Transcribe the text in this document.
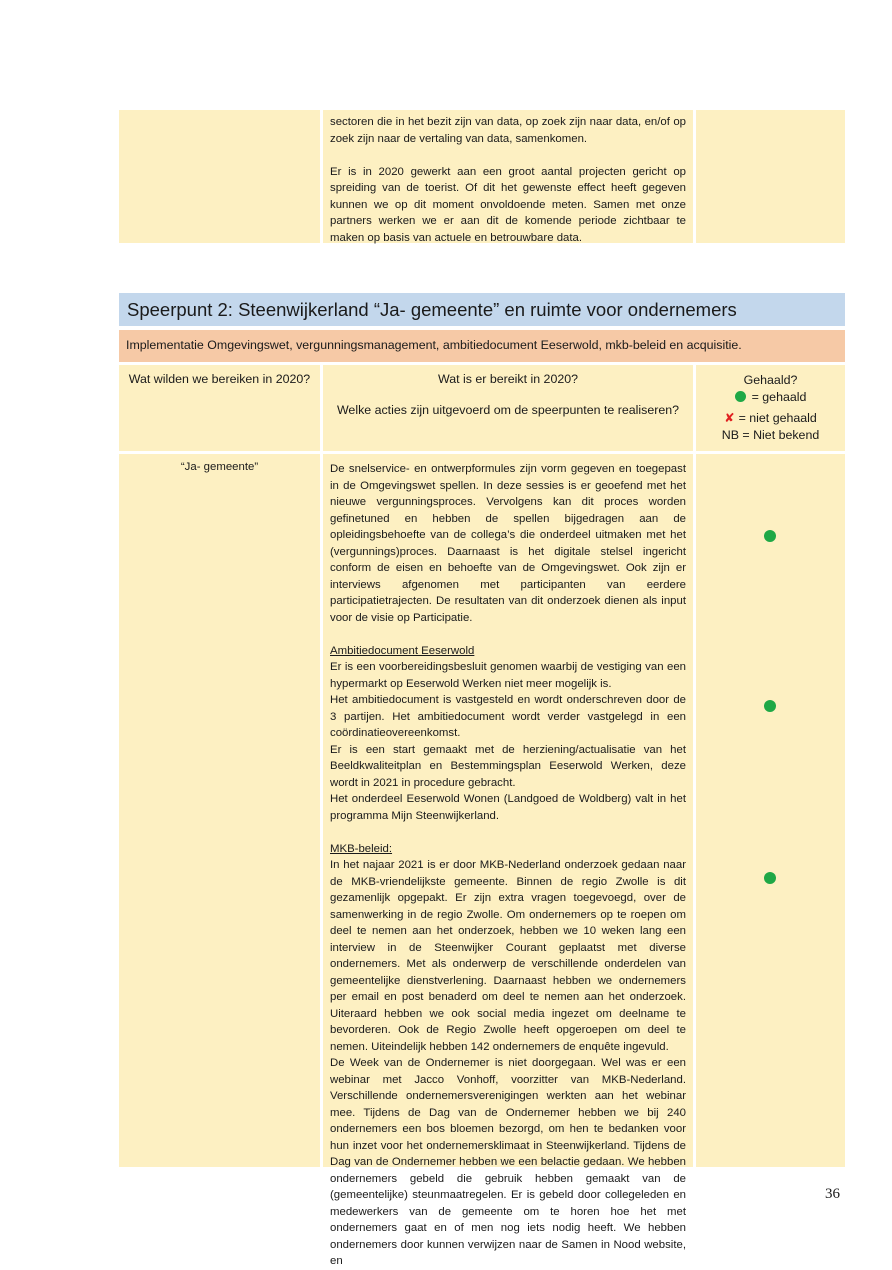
sectoren die in het bezit zijn van data, op zoek zijn naar data, en/of op zoek zijn naar de vertaling van data, samenkomen.

Er is in 2020 gewerkt aan een groot aantal projecten gericht op spreiding van de toerist. Of dit het gewenste effect heeft gegeven kunnen we op dit moment onvoldoende meten. Samen met onze partners werken we er aan dit de komende periode zichtbaar te maken op basis van actuele en betrouwbare data.

Speerpunt 2: Steenwijkerland “Ja- gemeente” en ruimte voor ondernemers
Implementatie Omgevingswet, vergunningsmanagement, ambitiedocument Eeserwold, mkb-beleid en acquisitie.
Wat wilden we bereiken in 2020?	Wat is er bereikt in 2020?
Welke acties zijn uitgevoerd om de speerpunten te realiseren?
Gehaald?
= gehaald
✘ = niet gehaald
NB = Niet bekend
“Ja- gemeente”	De snelservice- en ontwerpformules zijn vorm gegeven en toegepast in de Omgevingswet spellen. In deze sessies is er geoefend met het nieuwe vergunningsproces. Vervolgens kan dit proces worden gefinetuned en hebben de spellen bijgedragen aan de opleidingsbehoefte van de collega’s die onderdeel uitmaken met het (vergunnings)proces. Daarnaast is het digitale stelsel ingericht conform de eisen en behoefte van de Omgevingswet. Ook zijn er interviews afgenomen met participanten van eerdere participatietrajecten. De resultaten van dit onderzoek dienen als input voor de visie op Participatie.

Ambitiedocument Eeserwold

Er is een voorbereidingsbesluit genomen waarbij de vestiging van een hypermarkt op Eeserwold Werken niet meer mogelijk is.

Het ambitiedocument is vastgesteld en wordt onderschreven door de 3 partijen. Het ambitiedocument wordt verder vastgelegd in een coördinatieovereenkomst.

Er is een start gemaakt met de herziening/actualisatie van het Beeldkwaliteitplan en Bestemmingsplan Eeserwold Werken, deze wordt in 2021 in procedure gebracht.

Het onderdeel Eeserwold Wonen (Landgoed de Woldberg) valt in het programma Mijn Steenwijkerland.

MKB-beleid:

In het najaar 2021 is er door MKB-Nederland onderzoek gedaan naar de MKB-vriendelijkste gemeente. Binnen de regio Zwolle is dit gezamenlijk opgepakt. Er zijn extra vragen toegevoegd, over de samenwerking in de regio Zwolle. Om ondernemers op te roepen om deel te nemen aan het onderzoek, hebben we 10 weken lang een interview in de Steenwijker Courant geplaatst met diverse ondernemers. Met als onderwerp de verschillende onderdelen van gemeentelijke dienstverlening. Daarnaast hebben we ondernemers per email en post benaderd om deel te nemen aan het onderzoek. Uiteraard hebben we ook social media ingezet om deelname te bevorderen. Ook de Regio Zwolle heeft opgeroepen om deel te nemen. Uiteindelijk hebben 142 ondernemers de enquête ingevuld.

De Week van de Ondernemer is niet doorgegaan. Wel was er een webinar met Jacco Vonhoff, voorzitter van MKB-Nederland. Verschillende ondernemersverenigingen werkten aan het webinar mee. Tijdens de Dag van de Ondernemer hebben we bij 240 ondernemers een bos bloemen bezorgd, om hen te bedanken voor hun inzet voor het ondernemersklimaat in Steenwijkerland. Tijdens de Dag van de Ondernemer hebben we een belactie gedaan. We hebben ondernemers gebeld die gebruik hebben gemaakt van de (gemeentelijke) steunmaatregelen. Er is gebeld door collegeleden en medewerkers van de gemeente om te horen hoe het met ondernemers gaat en of men nog iets nodig heeft. We hebben ondernemers door kunnen verwijzen naar de Samen in Nood website, en

36
